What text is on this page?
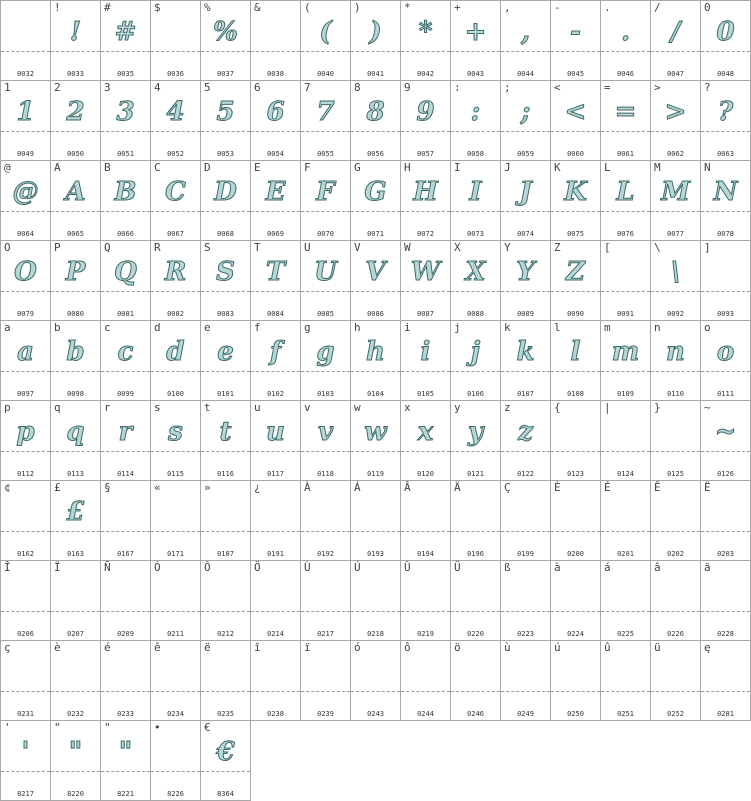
0032
!
!
0033
#
#
0035
$
0036
%
%
0037
&
0038
(
(
0040
)
)
0041
*
*
0042
+
+
0043
,
,
0044
-
-
0045
.
.
0046
/
/
0047
0
0
0048
1
1
0049
2
2
0050
3
3
0051
4
4
0052
5
5
0053
6
6
0054
7
7
0055
8
8
0056
9
9
0057
:
:
0058
;
;
0059
<
<
0060
=
=
0061
>
>
0062
?
?
0063
@
@
0064
A
A
0065
B
B
0066
C
C
0067
D
D
0068
E
E
0069
F
F
0070
G
G
0071
H
H
0072
I
I
0073
J
J
0074
K
K
0075
L
L
0076
M
M
0077
N
N
0078
O
O
0079
P
P
0080
Q
Q
0081
R
R
0082
S
S
0083
T
T
0084
U
U
0085
V
V
0086
W
W
0087
X
X
0088
Y
Y
0089
Z
Z
0090
[
0091
\
\
0092
]
0093
a
a
0097
b
b
0098
c
c
0099
d
d
0100
e
e
0101
f
f
0102
g
g
0103
h
h
0104
i
i
0105
j
j
0106
k
k
0107
l
l
0108
m
m
0109
n
n
0110
o
o
0111
p
p
0112
q
q
0113
r
r
0114
s
s
0115
t
t
0116
u
u
0117
v
v
0118
w
w
0119
x
x
0120
y
y
0121
z
z
0122
{
0123
|
0124
}
0125
~
~
0126
¢
0162
£
£
0163
§
0167
«
0171
»
0187
¿
0191
À
0192
Á
0193
Â
0194
Ä
0196
Ç
0199
È
0200
É
0201
Ê
0202
Ë
0203
Î
0206
Ï
0207
Ñ
0209
Ó
0211
Ô
0212
Ö
0214
Ù
0217
Ú
0218
Û
0219
Ü
0220
ß
0223
à
0224
á
0225
â
0226
ä
0228
ç
0231
è
0232
é
0233
ê
0234
ë
0235
î
0238
ï
0239
ó
0243
ô
0244
ö
0246
ù
0249
ú
0250
û
0251
ü
0252
ę
0281
'
'
8217
"
"
8220
"
"
8221
•
8226
€
€
8364
